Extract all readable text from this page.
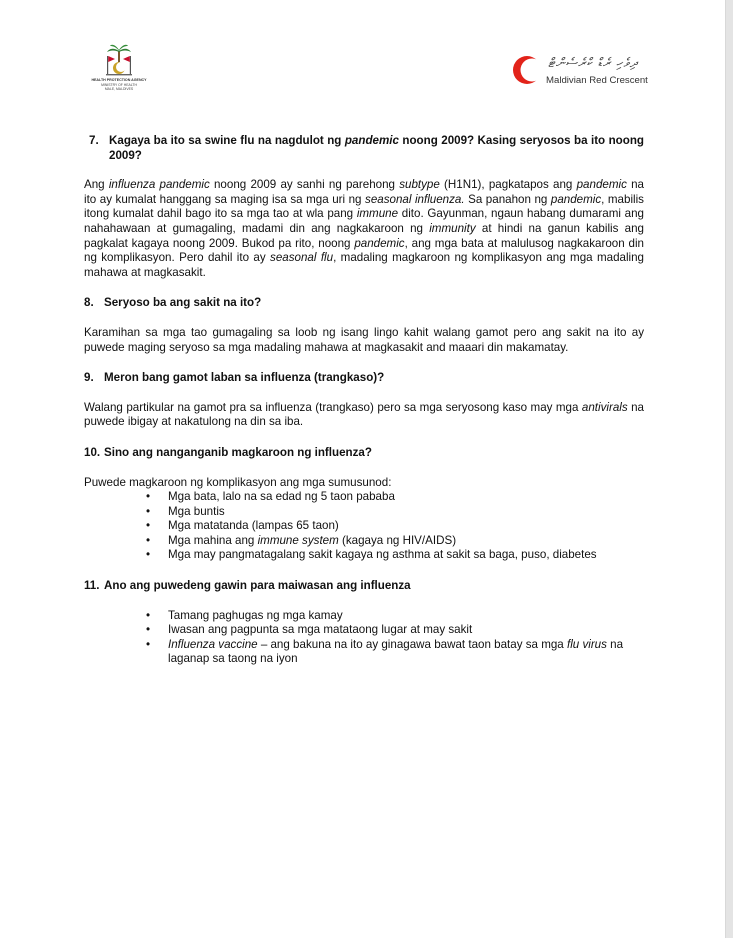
HEALTH PROTECTION AGENCY
MINISTRY OF HEALTH
MALE, MALDIVES
ދިވެހި ރެޑް ކްރެސެންޓް
Maldivian Red Crescent
7. Kagaya ba ito sa swine flu na nagdulot ng pandemic noong 2009? Kasing seryosos ba ito noong 2009?

Ang influenza pandemic noong 2009 ay sanhi ng parehong subtype (H1N1), pagkatapos ang pandemic na ito ay kumalat hanggang sa maging isa sa mga uri ng seasonal influenza. Sa panahon ng pandemic, mabilis itong kumalat dahil bago ito sa mga tao at wla pang immune dito. Gayunman, ngaun habang dumarami ang nahahawaan at gumagaling, madami din ang nagkakaroon ng immunity at hindi na ganun kabilis ang pagkalat kagaya noong 2009. Bukod pa rito, noong pandemic, ang mga bata at malulusog nagkakaroon din ng komplikasyon. Pero dahil ito ay seasonal flu, madaling magkaroon ng komplikasyon ang mga madaling mahawa at magkasakit.

8. Seryoso ba ang sakit na ito?

Karamihan sa mga tao gumagaling sa loob ng isang lingo kahit walang gamot pero ang sakit na ito ay puwede maging seryoso sa mga madaling mahawa at magkasakit and maaari din makamatay.

9. Meron bang gamot laban sa influenza (trangkaso)?

Walang partikular na gamot pra sa influenza (trangkaso) pero sa mga seryosong kaso may mga antivirals na puwede ibigay at nakatulong na din sa iba.

10. Sino ang nanganganib magkaroon ng influenza?

Puwede magkaroon ng komplikasyon ang mga sumusunod:

• Mga bata, lalo na sa edad ng 5 taon pababa
• Mga buntis
• Mga matatanda (lampas 65 taon)
• Mga mahina ang immune system (kagaya ng HIV/AIDS)
• Mga may pangmatagalang sakit kagaya ng asthma at sakit sa baga, puso, diabetes
11. Ano ang puwedeng gawin para maiwasan ang influenza
• Tamang paghugas ng mga kamay
• Iwasan ang pagpunta sa mga matataong lugar at may sakit
• Influenza vaccine – ang bakuna na ito ay ginagawa bawat taon batay sa mga flu virus na laganap sa taong na iyon
